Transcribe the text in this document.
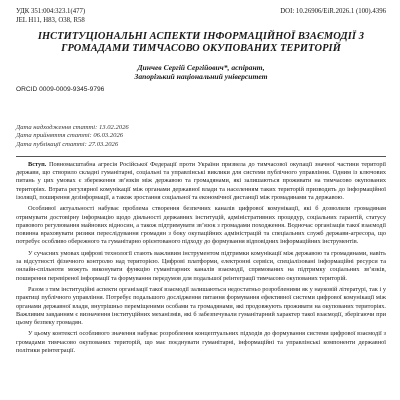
УДК 351:004:323.1(477)
JEL H11, H83, O38, R58
DOI: 10.26906/EiR.2026.1 (100).4396
ІНСТИТУЦІОНАЛЬНІ АСПЕКТИ ІНФОРМАЦІЙНОЇ ВЗАЄМОДІЇ З ГРОМАДАМИ ТИМЧАСОВО ОКУПОВАНИХ ТЕРИТОРІЙ
Динчев Сергій Сергійович*, аспірант,
Запорізький національний університет
ORCID 0009-0009-9345-9796
Дата надходження статті: 13.02.2026
Дата прийняття статті: 06.03.2026
Дата публікації статті: 27.03.2026

Вступ. Повномасштабна агресія Російської Федерації проти України призвела до тимчасової окупації значної частини території держави, що створило складні гуманітарні, соціальні та управлінські виклики для системи публічного управління. Одним із ключових питань у цих умовах є збереження зв’язків між державою та громадянами, які залишаються проживати на тимчасово окупованих територіях. Втрата регулярної комунікації між органами державної влади та населенням таких територій призводить до інформаційної ізоляції, поширення дезінформації, а також зростання соціальної та економічної дистанції між громадянами та державою.

Особливої актуальності набуває проблема створення безпечних каналів цифрової комунікації, які б дозволили громадянам отримувати достовірну інформацію щодо діяльності державних інституцій, адміністративних процедур, соціальних гарантій, статусу правового регулювання майнових відносин, а також підтримувати зв’язок з громадами походження. Водночас організація такої взаємодії повинна враховувати ризики переслідування громадян з боку окупаційних адміністрацій та спеціальних служб держави-агресора, що потребує особливо обережного та гуманітарно орієнтованого підходу до формування відповідних інформаційних інструментів.

У сучасних умовах цифрові технології стають важливим інструментом підтримки комунікації між державою та громадянами, навіть за відсутності фізичного контролю над територією. Цифрові платформи, електронні сервіси, спеціалізовані інформаційні ресурси та онлайн-спільноти можуть виконувати функцію гуманітарних каналів взаємодії, спрямованих на підтримку соціальних зв’язків, поширення перевіреної інформації та формування передумов для подальшої реінтеграції тимчасово окупованих територій.

Разом з тим інституційні аспекти організації такої взаємодії залишаються недостатньо розробленими як у науковій літературі, так і у практиці публічного управління. Потребує подальшого дослідження питання формування ефективної системи цифрової комунікації між органами державної влади, внутрішньо переміщеними особами та громадянами, які продовжують проживати на окупованих територіях. Важливим завданням є визначення інституційних механізмів, які б забезпечували гуманітарний характер такої взаємодії, зберігаючи при цьому безпеку громадян.

У цьому контексті особливого значення набуває розроблення концептуальних підходів до формування системи цифрової взаємодії з громадами тимчасово окупованих територій, що має поєднувати гуманітарні, інформаційні та управлінські компоненти державної політики реінтеграції.
